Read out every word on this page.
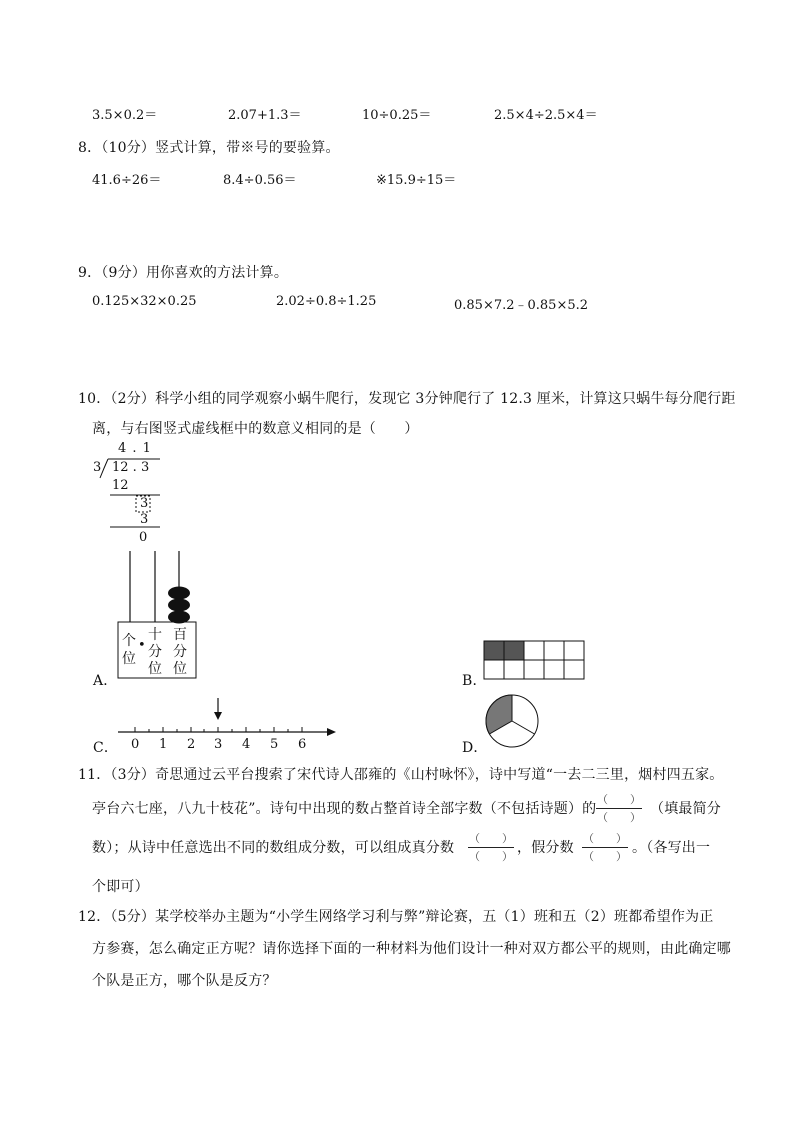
3.5×0.2＝	2.07+1.3＝	10÷0.25＝	2.5×4÷2.5×4＝
8．（10分）竖式计算，带※号的要验算。
41.6÷26＝	8.4÷0.56＝	※15.9÷15＝
9．（9分）用你喜欢的方法计算。
0.125×32×0.25	2.02÷0.8÷1.25	0.85×7.2﹣0.85×5.2
10．（2分）科学小组的同学观察小蜗牛爬行，发现它 3分钟爬行了 12.3 厘米，计算这只蜗牛每分爬行距
离，与右图竖式虚线框中的数意义相同的是（　　）
4 . 1
3 12 . 3
12
3
3
0
A．
个
位
•
十
分
位
百
分
位
B．
C． 0 1 2 3 4 5 6	D．
11．（3分）奇思通过云平台搜索了宋代诗人邵雍的《山村咏怀》，诗中写道“一去二三里，烟村四五家。
亭台六七座，八九十枝花”。诗句中出现的数占整首诗全部字数（不包括诗题）的
（　　）
（　　）
（填最简分
数）；从诗中任意选出不同的数组成分数，可以组成真分数
（　　）
（　　）
，假分数
（　　）
（　　）
。（各写出一
个即可）
12．（5分）某学校举办主题为“小学生网络学习利与弊”辩论赛，五（1）班和五（2）班都希望作为正
方参赛，怎么确定正方呢？请你选择下面的一种材料为他们设计一种对双方都公平的规则，由此确定哪
个队是正方，哪个队是反方？
